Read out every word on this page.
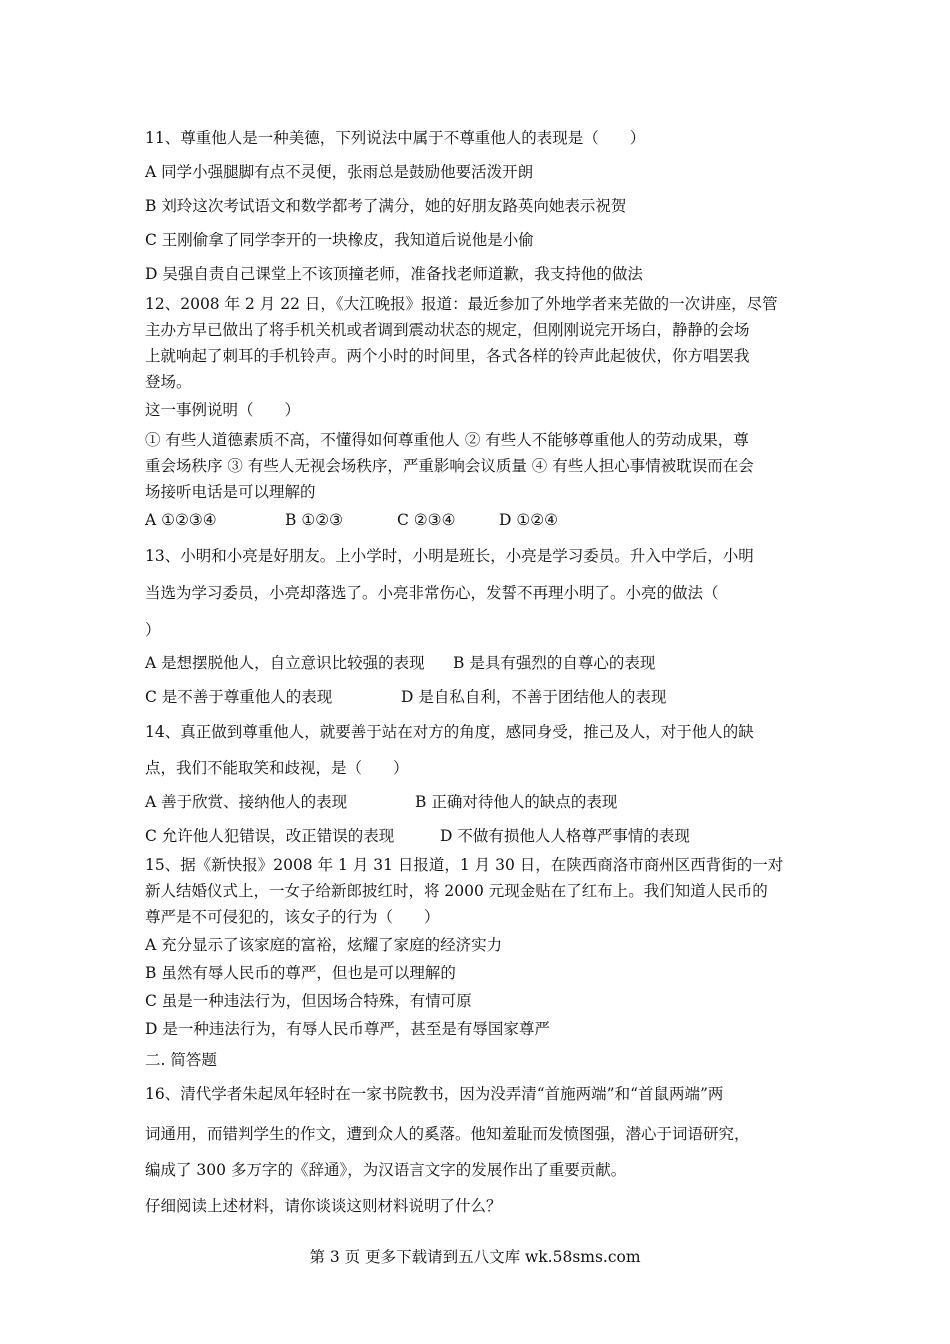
11、尊重他人是一种美德，下列说法中属于不尊重他人的表现是（　　）
A 同学小强腿脚有点不灵便，张雨总是鼓励他要活泼开朗
B 刘玲这次考试语文和数学都考了满分，她的好朋友路英向她表示祝贺
C 王刚偷拿了同学李开的一块橡皮，我知道后说他是小偷
D 吴强自责自己课堂上不该顶撞老师，准备找老师道歉，我支持他的做法
12、2008 年 2 月 22 日，《大江晚报》报道：最近参加了外地学者来芜做的一次讲座，尽管
主办方早已做出了将手机关机或者调到震动状态的规定，但刚刚说完开场白，静静的会场
上就响起了刺耳的手机铃声。两个小时的时间里，各式各样的铃声此起彼伏，你方唱罢我
登场。
这一事例说明（　　）
① 有些人道德素质不高，不懂得如何尊重他人 ② 有些人不能够尊重他人的劳动成果，尊
重会场秩序 ③ 有些人无视会场秩序，严重影响会议质量 ④ 有些人担心事情被耽误而在会
场接听电话是可以理解的
A ①②③④	B ①②③	C ②③④	D ①②④
13、小明和小亮是好朋友。上小学时，小明是班长，小亮是学习委员。升入中学后，小明
当选为学习委员，小亮却落选了。小亮非常伤心，发誓不再理小明了。小亮的做法（
）
A 是想摆脱他人，自立意识比较强的表现 B 是具有强烈的自尊心的表现
C 是不善于尊重他人的表现	D 是自私自利，不善于团结他人的表现
14、真正做到尊重他人，就要善于站在对方的角度，感同身受，推己及人，对于他人的缺
点，我们不能取笑和歧视，是（　　）
A 善于欣赏、接纳他人的表现	B 正确对待他人的缺点的表现
C 允许他人犯错误，改正错误的表现	D 不做有损他人人格尊严事情的表现
15、据《新快报》2008 年 1 月 31 日报道，1 月 30 日，在陕西商洛市商州区西背街的一对
新人结婚仪式上，一女子给新郎披红时，将 2000 元现金贴在了红布上。我们知道人民币的
尊严是不可侵犯的，该女子的行为（　　）
A 充分显示了该家庭的富裕，炫耀了家庭的经济实力
B 虽然有辱人民币的尊严，但也是可以理解的
C 虽是一种违法行为，但因场合特殊，有情可原
D 是一种违法行为，有辱人民币尊严，甚至是有辱国家尊严
二. 简答题
16、清代学者朱起凤年轻时在一家书院教书，因为没弄清“首施两端”和“首鼠两端”两
词通用，而错判学生的作文，遭到众人的奚落。他知羞耻而发愤图强，潜心于词语研究，
编成了 300 多万字的《辞通》，为汉语言文字的发展作出了重要贡献。
仔细阅读上述材料，请你谈谈这则材料说明了什么？
第 3 页 更多下载请到五八文库 wk.58sms.com
